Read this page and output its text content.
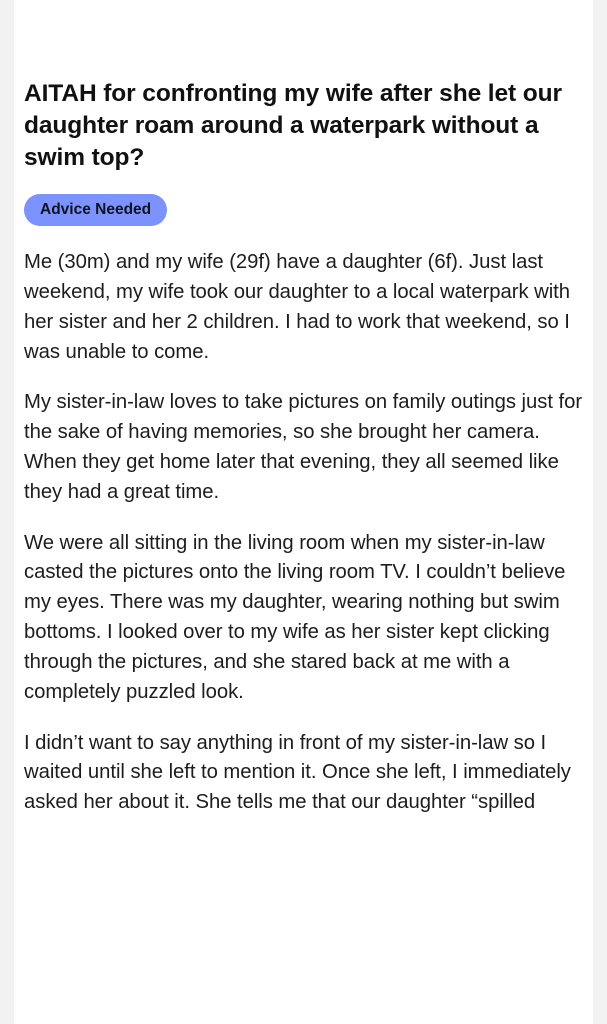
AITAH for confronting my wife after she let our daughter roam around a waterpark without a swim top?
Advice Needed

Me (30m) and my wife (29f) have a daughter (6f). Just last weekend, my wife took our daughter to a local waterpark with her sister and her 2 children. I had to work that weekend, so I was unable to come.

My sister-in-law loves to take pictures on family outings just for the sake of having memories, so she brought her camera. When they get home later that evening, they all seemed like they had a great time.

We were all sitting in the living room when my sister-in-law casted the pictures onto the living room TV. I couldn’t believe my eyes. There was my daughter, wearing nothing but swim bottoms. I looked over to my wife as her sister kept clicking through the pictures, and she stared back at me with a completely puzzled look.

I didn’t want to say anything in front of my sister-in-law so I waited until she left to mention it. Once she left, I immediately asked her about it. She tells me that our daughter “spilled
